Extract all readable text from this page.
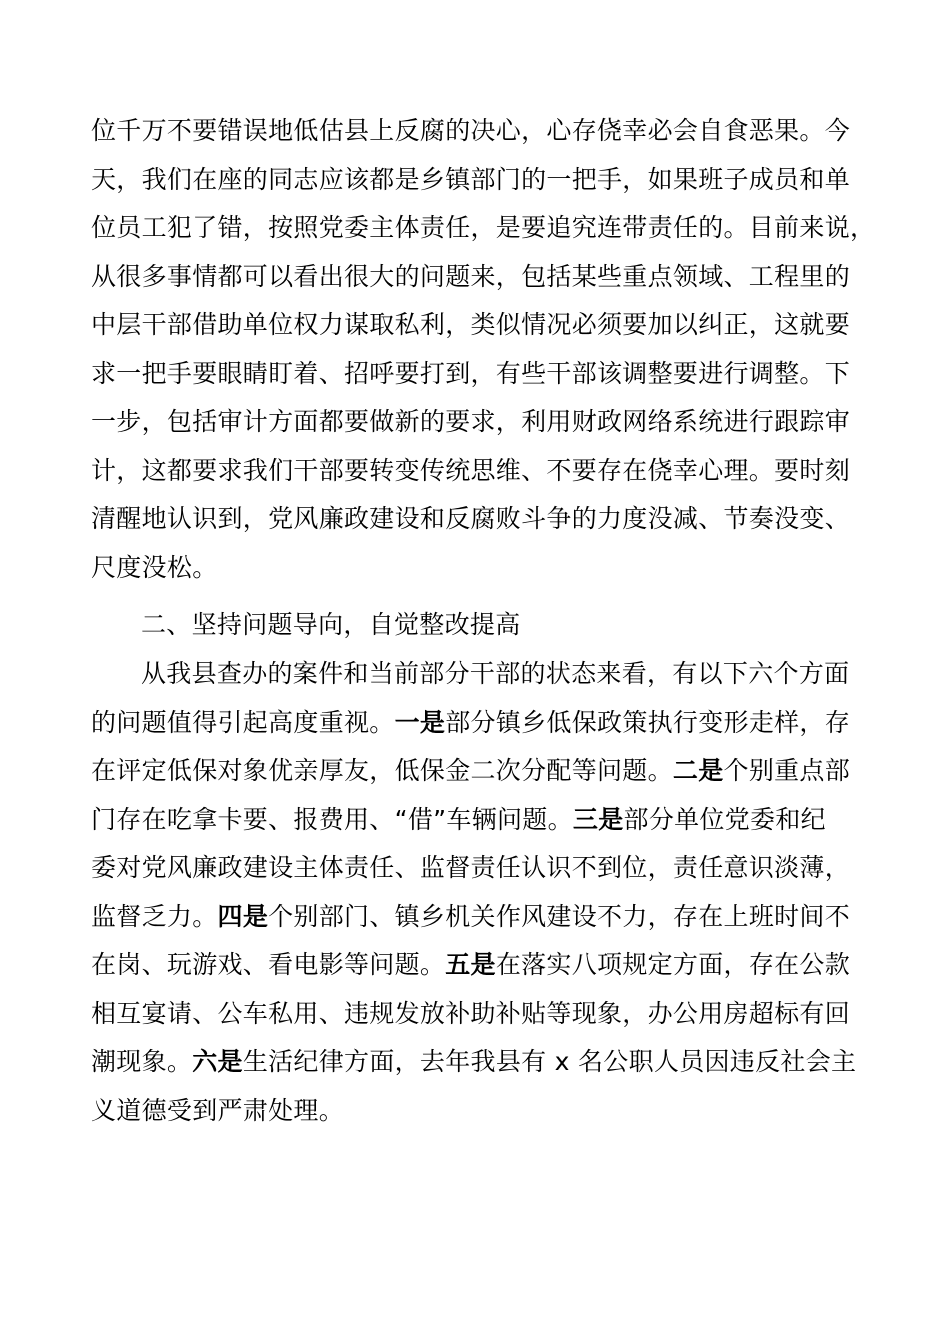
位千万不要错误地低估县上反腐的决心，心存侥幸必会自食恶果。今
天，我们在座的同志应该都是乡镇部门的一把手，如果班子成员和单
位员工犯了错，按照党委主体责任，是要追究连带责任的。目前来说，
从很多事情都可以看出很大的问题来，包括某些重点领域、工程里的
中层干部借助单位权力谋取私利，类似情况必须要加以纠正，这就要
求一把手要眼睛盯着、招呼要打到，有些干部该调整要进行调整。下
一步，包括审计方面都要做新的要求，利用财政网络系统进行跟踪审
计，这都要求我们干部要转变传统思维、不要存在侥幸心理。要时刻
清醒地认识到，党风廉政建设和反腐败斗争的力度没减、节奏没变、
尺度没松。
二、坚持问题导向，自觉整改提高
从我县查办的案件和当前部分干部的状态来看，有以下六个方面
的问题值得引起高度重视。一是部分镇乡低保政策执行变形走样，存
在评定低保对象优亲厚友，低保金二次分配等问题。二是个别重点部
门存在吃拿卡要、报费用、“借”车辆问题。三是部分单位党委和纪
委对党风廉政建设主体责任、监督责任认识不到位，责任意识淡薄，
监督乏力。四是个别部门、镇乡机关作风建设不力，存在上班时间不
在岗、玩游戏、看电影等问题。五是在落实八项规定方面，存在公款
相互宴请、公车私用、违规发放补助补贴等现象，办公用房超标有回
潮现象。六是生活纪律方面，去年我县有 x 名公职人员因违反社会主
义道德受到严肃处理。
